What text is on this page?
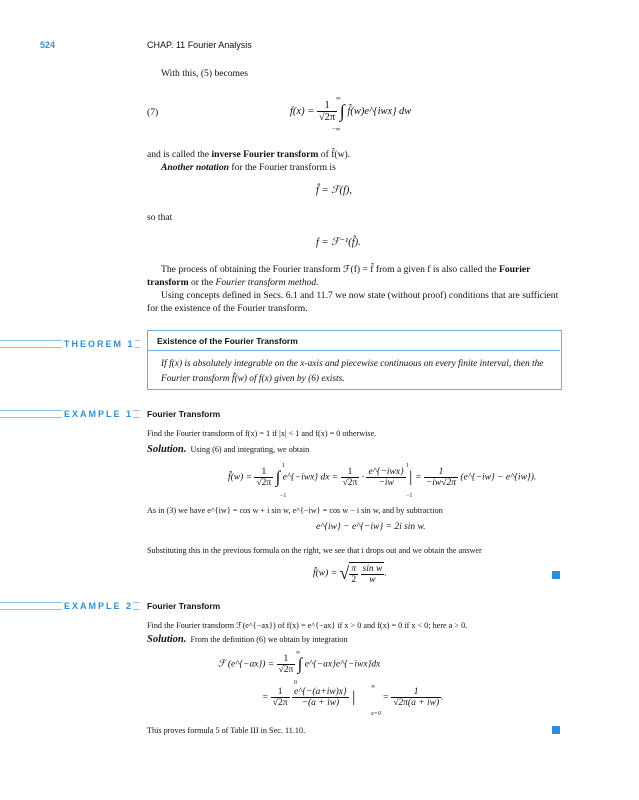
524	CHAP. 11 Fourier Analysis
With this, (5) becomes
(7)	$f(x) = \frac{1}{√2\pi}$ ∫ f̂(w)e^{iwx} dw
∞
−∞
and is called the inverse Fourier transform of f̂(w).
Another notation for the Fourier transform is
f̂ = ℱ(f),
so that
f = ℱ⁻¹(f̂).
The process of obtaining the Fourier transform ℱ(f) = f̂ from a given f is also called the Fourier transform or the Fourier transform method.
Using concepts defined in Secs. 6.1 and 11.7 we now state (without proof) conditions that are sufficient for the existence of the Fourier transform.
THEOREM 1	Existence of the Fourier Transform
If f(x) is absolutely integrable on the x-axis and piecewise continuous on every finite interval, then the Fourier transform f̂(w) of f(x) given by (6) exists.
EXAMPLE 1 Fourier Transform
Find the Fourier transform of f(x) = 1 if |x| < 1 and f(x) = 0 otherwise.
Solution. Using (6) and integrating, we obtain
f̂(w) = $\frac{1}{√2\pi}$ ∫ e^{−iwx} dx = $\frac{1}{√2\pi} \cdot \frac{\text{e\textasciicircum{}\{−iwx\}}}{-iw}$ | = $\frac{1}{-iw√2\pi}$ (e^{−iw} − e^{iw}).
1
−1
1
−1
As in (3) we have e^{iw} = cos w + i sin w, e^{−iw} = cos w − i sin w, and by subtraction
e^{iw} − e^{−iw} = 2i sin w.
Substituting this in the previous formula on the right, we see that i drops out and we obtain the answer
f̂(w) = √ $\frac{\pi}{2}$
$\frac{\text{sin w}}{w}$ .
EXAMPLE 2 Fourier Transform
Find the Fourier transform ℱ(e^{−ax}) of f(x) = e^{−ax} if x > 0 and f(x) = 0 if x < 0; here a > 0.
Solution. From the definition (6) we obtain by integration
ℱ (e^{−ax}) = $\frac{1}{√2\pi}$ ∫ e^{−ax}e^{−iwx}dx
∞
0
= $\frac{1}{√2\pi}$
$\frac{e\^{}\{-(a+iw)x\}}{-(a + iw)}$ |	= $\frac{1}{√2\pi(a + iw)}$ .
∞
x=0
This proves formula 5 of Table III in Sec. 11.10.
